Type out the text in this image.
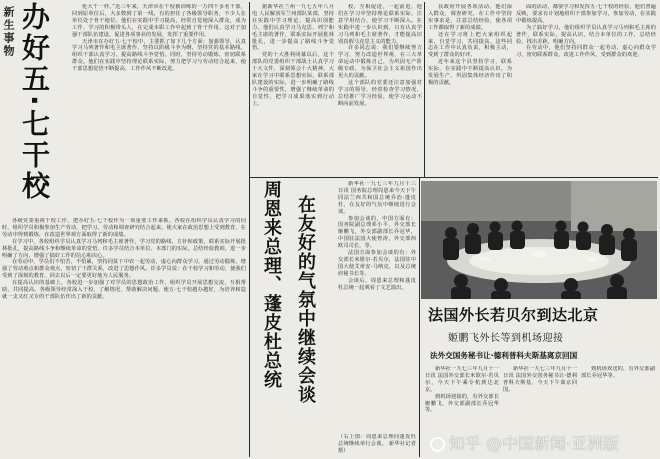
新生事物 办好五·七干校	伦大干一样。”近三年来，天津市在干校被训练的一万四千多名干部，回到原单位后，大多数到了第一线，有的担任了各级领导职务，不少人在单位处于骨干地位。他们在实践中学习提高，经常自觉地深入群众，成为工作、学习的积极带头人，在完成本职工作中起到了骨干作用。这对于加强干部队伍建设，促进各项事业的发展，发挥了重要作用。

天津市在办好五·七干校中，主要抓了如下几个方面：加强领导，认真学习马列著作和毛主席著作，坚持以阶级斗争为纲，坚持党的基本路线，组织干部认真学习，提高路线斗争觉悟。同时，坚持劳动锻炼，密切联系群众。他们在实践中坚持理论联系实际，努力把学习与劳动结合起来，使干部思想觉悟不断提高，工作作风不断改进。

各级党委重视干校工作，把办好五·七干校作为一项重要工作来抓。各校在组织学员认真学习的同时，组织学员积极参加生产劳动，把学习、劳动和调查研究结合起来，使大家在政治思想上受到教育，在劳动中得到锻炼，在改造世界观方面取得了新的成绩。

在学习中，各校组织学员认真学习马列和毛主席著作，学习党的路线、方针和政策，联系实际开展批林批孔，提高路线斗争和继续革命的觉悟。许多学员结合本单位、本部门的实际，总结经验教训，进一步明确了方向，增强了搞好工作的信心和决心。

在劳动中，学员们不怕苦、不怕累，坚持同贫下中农一起劳动，虚心向群众学习。通过劳动锻炼，增强了劳动观点和群众观点，密切了干群关系，改进了思想作风。许多学员说：在干校学习和劳动，使我们受到了深刻的教育，回去以后一定要更好地为人民服务。

在提高认识的基础上，各校进一步加强了对学员的思想政治工作，组织学员开展思想交流，互相帮助，共同提高。各级领导经常深入干校，了解情况，帮助解决问题，使五·七干校越办越好，为培养和造就一支又红又专的干部队伍作出了新的贡献。

据新华社兰州一九七五年八月电 人民解放军兰州部队某部，坚持在实践中学习理论，提高识别能力。他们认真学习马克思、列宁和毛主席的著作，联系实际开展批林批孔，进一步提高了路线斗争觉悟。

党的十大胜利闭幕以后，这个部队的党委组织干部战士认真学习十大文件，深刻领会十大精神。大家在学习中联系思想实际，联系部队建设的实际，进一步明确了路线斗争的重要性，增强了继续革命的自觉性，把学习成果落实到行动上。

校，互相促进，一起前进。他们在学习中坚持理论联系实际，注意学用结合，使学习不断深入。在实践中进一步认识到，只有认真学习马列和毛主席著作，才能提高识别真假马克思主义的能力。

许多同志说：我们要继续努力学习，努力改造世界观，在三大革命运动中锻炼自己，为巩固无产阶级专政，为保卫社会主义祖国作出更大的贡献。

这个部队的党委还注意加强对学习的领导，经常检查学习情况，总结推广学习经验，使学习运动不断向前发展。

县政府开展各项活动。他们深入群众，调查研究，在工作中坚持实事求是，注意总结经验，使各项工作都取得了新的成绩。

还在学习班上把大家组织起来，自觉学习，共同提高。这些同志在工作中认真负责，积极主动，受到了群众的好评。

近年来这个县坚持学习，联系实际，在实践中不断提高认识，为发展生产、巩固集体经济作出了积极的贡献。

面的活动，都要学习和发挥五·七干校的经验，他们普遍反映，要求有计划地组织干部参加学习，参加劳动，在实践中锻炼提高。

为了搞好学习，他们组织学员认真学习马列和毛主席的著作，联系实际，提高认识，结合本单位的工作，总结经验，找出差距，明确方向。

在劳动中，他们坚持同群众一起劳动，虚心向群众学习，密切联系群众，改进工作作风，受到群众的欢迎。

在友好的气氛中继续会谈
周恩来总理、蓬皮杜总统	新华社一九七三年九月十三日讯 国务院总理周恩来今天下午同法兰西共和国总统乔治·蓬皮杜，在友好的气氛中继续进行会谈。

参加会谈的，中国方面有：国务院副总理邓小平，外交部长姬鹏飞，外交部副部长乔冠华，中国驻法国大使曾涛，外交部西欧司司长，等。

法国方面参加会谈的有：外交部长米歇尔·若贝尔，法国驻中国大使艾蒂安·马纳克，以及总统府秘书长等。

会谈后，周恩来总理和蓬皮杜总统一起观看了文艺演出。

（右上图：周恩来总理同蓬皮杜总统继续举行会谈。 新华社记者摄）
法国外长若贝尔到达北京
姬鹏飞外长等到机场迎接
法外交国务秘书让·德利普科夫斯基离京回国

新华社一九七三年九月十一日讯 法国外交部长米歇尔·若贝尔，今天下午乘专机到达北京。

到机场迎接的，有外交部长姬鹏飞，外交部副部长乔冠华等。

新华社一九七三年九月十一日讯 法国外交国务秘书让·德利普科夫斯基，今天下午离京回国。

到机场欢送的，有外交部副部长乔冠华等。

知乎 @中国新闻·亚洲版
